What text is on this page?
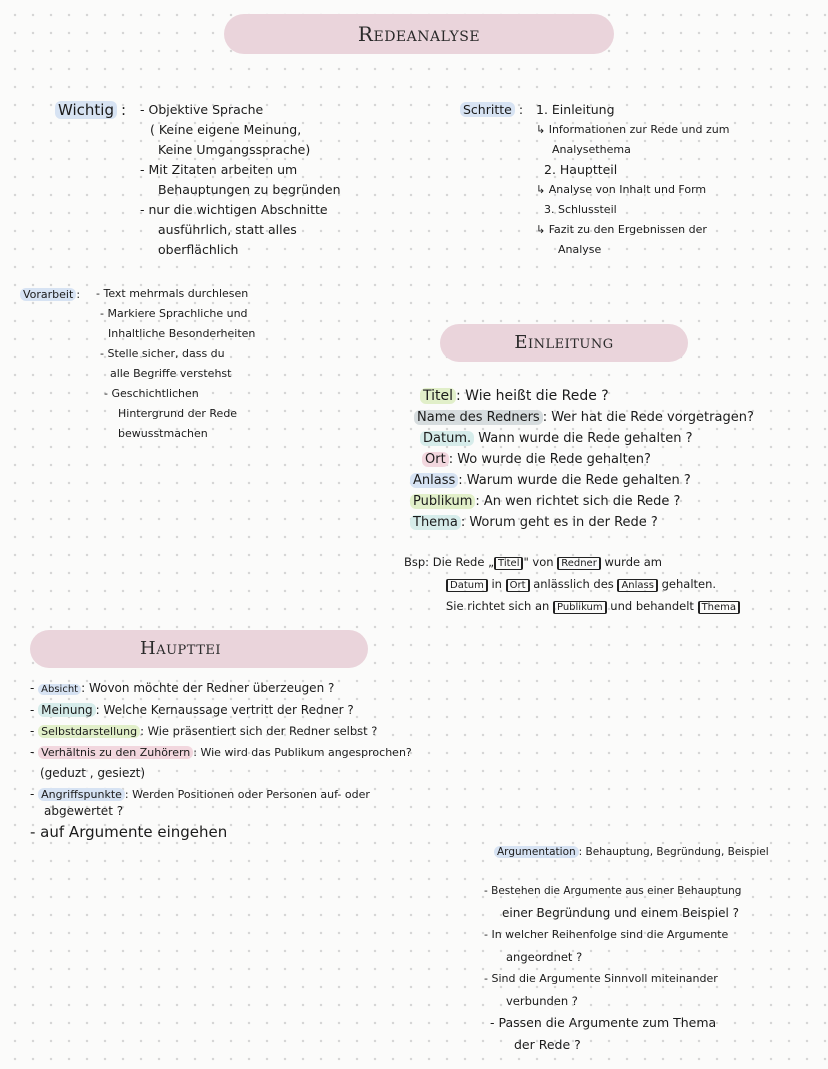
Redeanalyse
Wichtig : - Objektive Sprache
( Keine eigene Meinung,
Keine Umgangssprache)
- Mit Zitaten arbeiten um
Behauptungen zu begründen
- nur die wichtigen Abschnitte
ausführlich, statt alles
oberflächlich
Schritte : 1. Einleitung
↳ Informationen zur Rede und zum
Analysethema
2. Hauptteil
↳ Analyse von Inhalt und Form
3. Schlussteil
↳ Fazit zu den Ergebnissen der
Analyse
Vorarbeit : - Text mehrmals durchlesen
- Markiere Sprachliche und
Inhaltliche Besonderheiten
- Stelle sicher, dass du
alle Begriffe verstehst
- Geschichtlichen
Hintergrund der Rede
bewusstmachen
Einleitung
Titel : Wie heißt die Rede ?
Name des Redners : Wer hat die Rede vorgetragen?
Datum. Wann wurde die Rede gehalten ?
Ort : Wo wurde die Rede gehalten?
Anlass : Warum wurde die Rede gehalten ?
Publikum : An wen richtet sich die Rede ?
Thema : Worum geht es in der Rede ?
Bsp: Die Rede „ Titel " von Redner wurde am
Datum in Ort anlässlich des Anlass gehalten.
Sie richtet sich an Publikum und behandelt Thema
Haupttei
- Absicht : Wovon möchte der Redner überzeugen ?
- Meinung : Welche Kernaussage vertritt der Redner ?
- Selbstdarstellung : Wie präsentiert sich der Redner selbst ?
- Verhältnis zu den Zuhörern : Wie wird das Publikum angesprochen?
(geduzt , gesiezt)
- Angriffspunkte : Werden Positionen oder Personen auf- oder
abgewertet ?
- auf Argumente eingehen
Argumentation : Behauptung, Begründung, Beispiel
- Bestehen die Argumente aus einer Behauptung
einer Begründung und einem Beispiel ?
- In welcher Reihenfolge sind die Argumente
angeordnet ?
- Sind die Argumente Sinnvoll miteinander
verbunden ?
- Passen die Argumente zum Thema
der Rede ?
